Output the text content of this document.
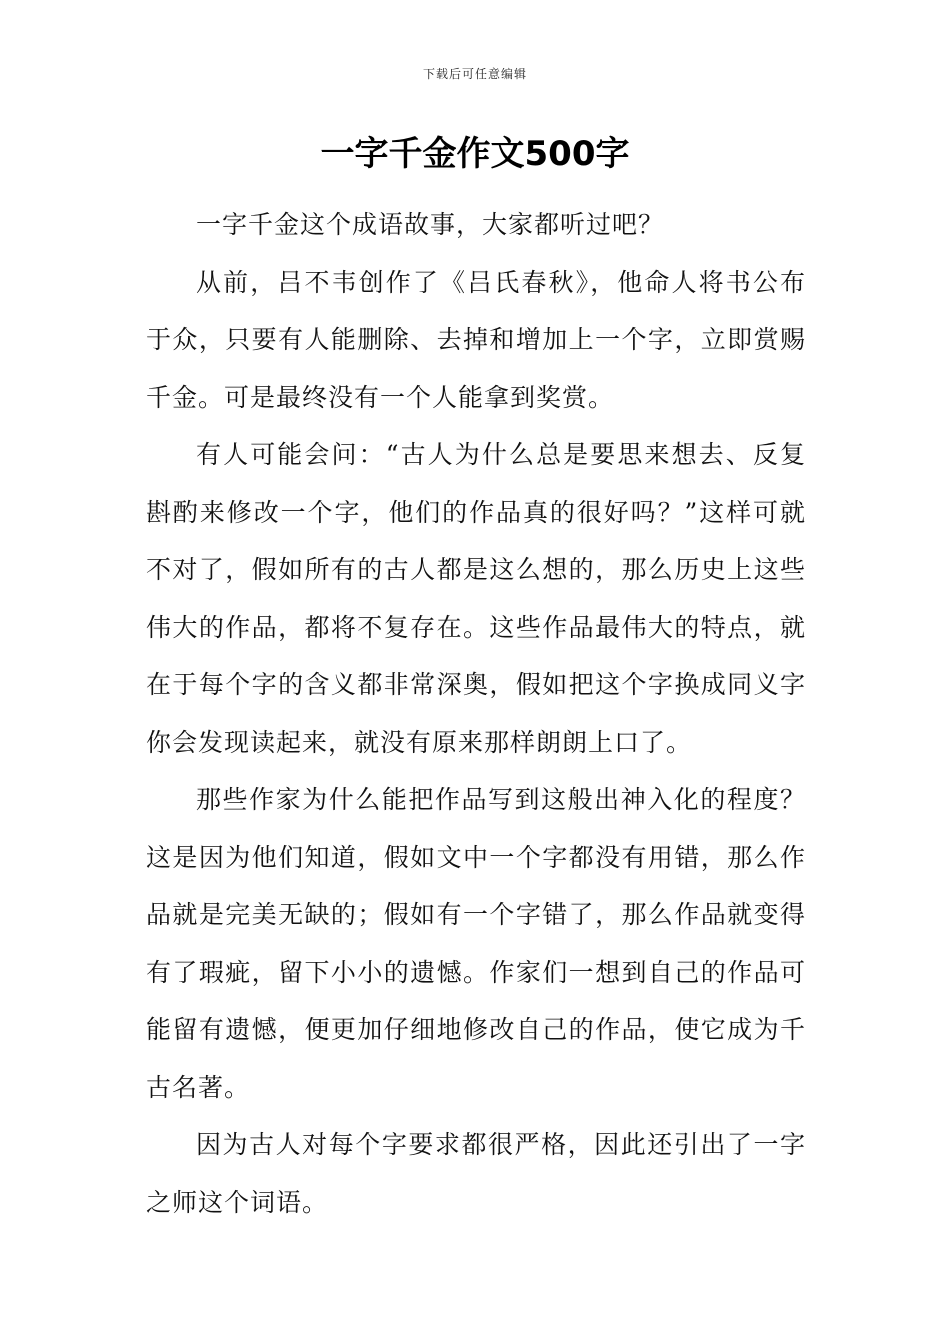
下载后可任意编辑
一字千金作文500字

一字千金这个成语故事，大家都听过吧？

从前，吕不韦创作了《吕氏春秋》，他命人将书公布于众，只要有人能删除、去掉和增加上一个字，立即赏赐千金。可是最终没有一个人能拿到奖赏。

有人可能会问：“古人为什么总是要思来想去、反复斟酌来修改一个字，他们的作品真的很好吗？”这样可就不对了，假如所有的古人都是这么想的，那么历史上这些伟大的作品，都将不复存在。这些作品最伟大的特点，就在于每个字的含义都非常深奥，假如把这个字换成同义字你会发现读起来，就没有原来那样朗朗上口了。

那些作家为什么能把作品写到这般出神入化的程度？这是因为他们知道，假如文中一个字都没有用错，那么作品就是完美无缺的；假如有一个字错了，那么作品就变得有了瑕疵，留下小小的遗憾。作家们一想到自己的作品可能留有遗憾，便更加仔细地修改自己的作品，使它成为千古名著。

因为古人对每个字要求都很严格，因此还引出了一字之师这个词语。
